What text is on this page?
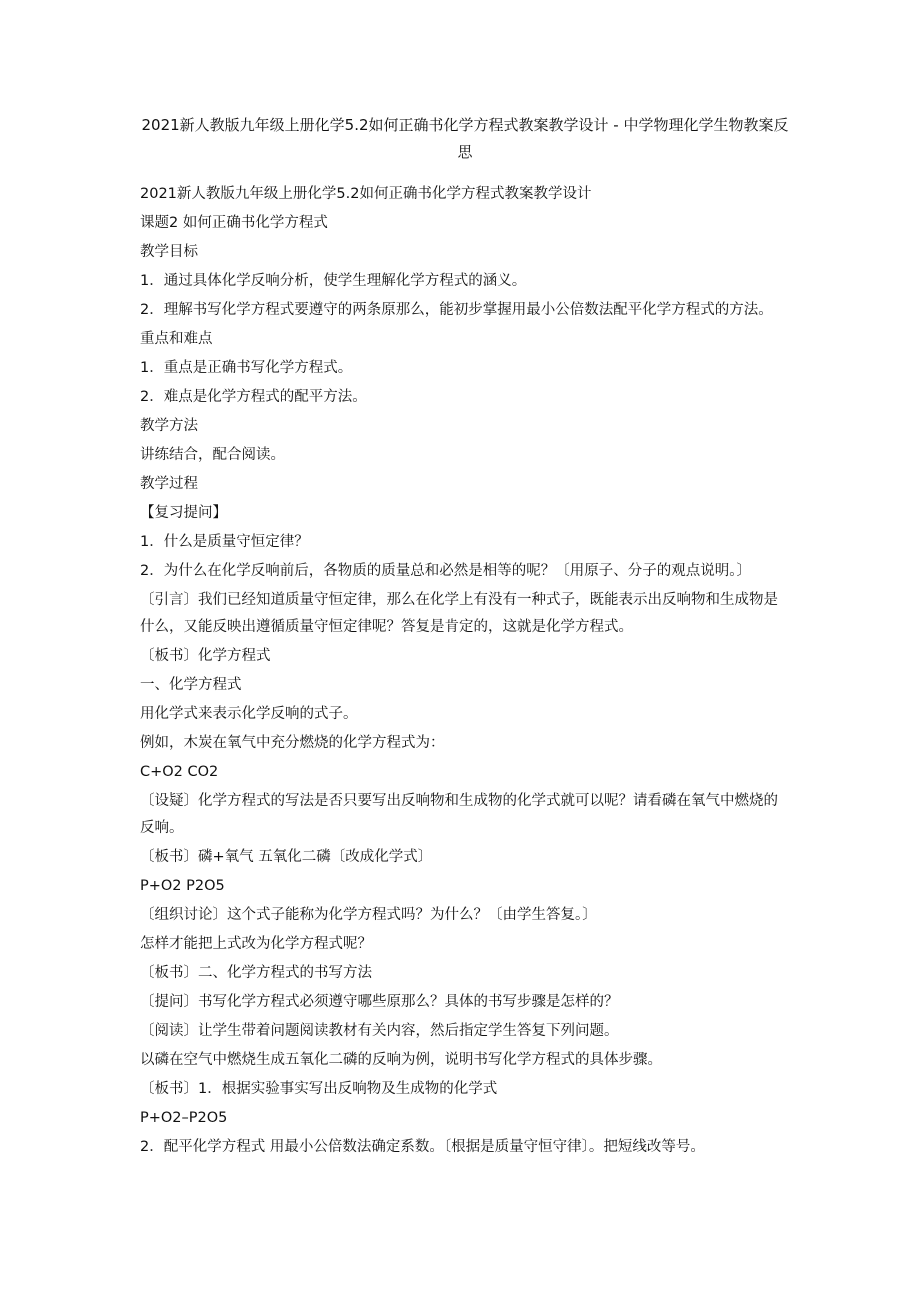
2021新人教版九年级上册化学5.2如何正确书化学方程式教案教学设计 - 中学物理化学生物教案反思

2021新人教版九年级上册化学5.2如何正确书化学方程式教案教学设计

课题2 如何正确书化学方程式

教学目标

1．通过具体化学反响分析，使学生理解化学方程式的涵义。

2．理解书写化学方程式要遵守的两条原那么，能初步掌握用最小公倍数法配平化学方程式的方法。

重点和难点

1．重点是正确书写化学方程式。

2．难点是化学方程式的配平方法。

教学方法

讲练结合，配合阅读。

教学过程

【复习提问】

1．什么是质量守恒定律？

2．为什么在化学反响前后，各物质的质量总和必然是相等的呢？〔用原子、分子的观点说明。〕

〔引言〕我们已经知道质量守恒定律，那么在化学上有没有一种式子，既能表示出反响物和生成物是什么，又能反映出遵循质量守恒定律呢？答复是肯定的，这就是化学方程式。

〔板书〕化学方程式

一、化学方程式

用化学式来表示化学反响的式子。

例如，木炭在氧气中充分燃烧的化学方程式为：

C+O2 CO2

〔设疑〕化学方程式的写法是否只要写出反响物和生成物的化学式就可以呢？请看磷在氧气中燃烧的反响。

〔板书〕磷+氧气 五氧化二磷〔改成化学式〕

P+O2 P2O5

〔组织讨论〕这个式子能称为化学方程式吗？为什么？〔由学生答复。〕

怎样才能把上式改为化学方程式呢？

〔板书〕二、化学方程式的书写方法

〔提问〕书写化学方程式必须遵守哪些原那么？具体的书写步骤是怎样的？

〔阅读〕让学生带着问题阅读教材有关内容，然后指定学生答复下列问题。

以磷在空气中燃烧生成五氧化二磷的反响为例，说明书写化学方程式的具体步骤。

〔板书〕1．根据实验事实写出反响物及生成物的化学式

P+O2–P2O5

2．配平化学方程式 用最小公倍数法确定系数。〔根据是质量守恒守律〕。把短线改等号。
